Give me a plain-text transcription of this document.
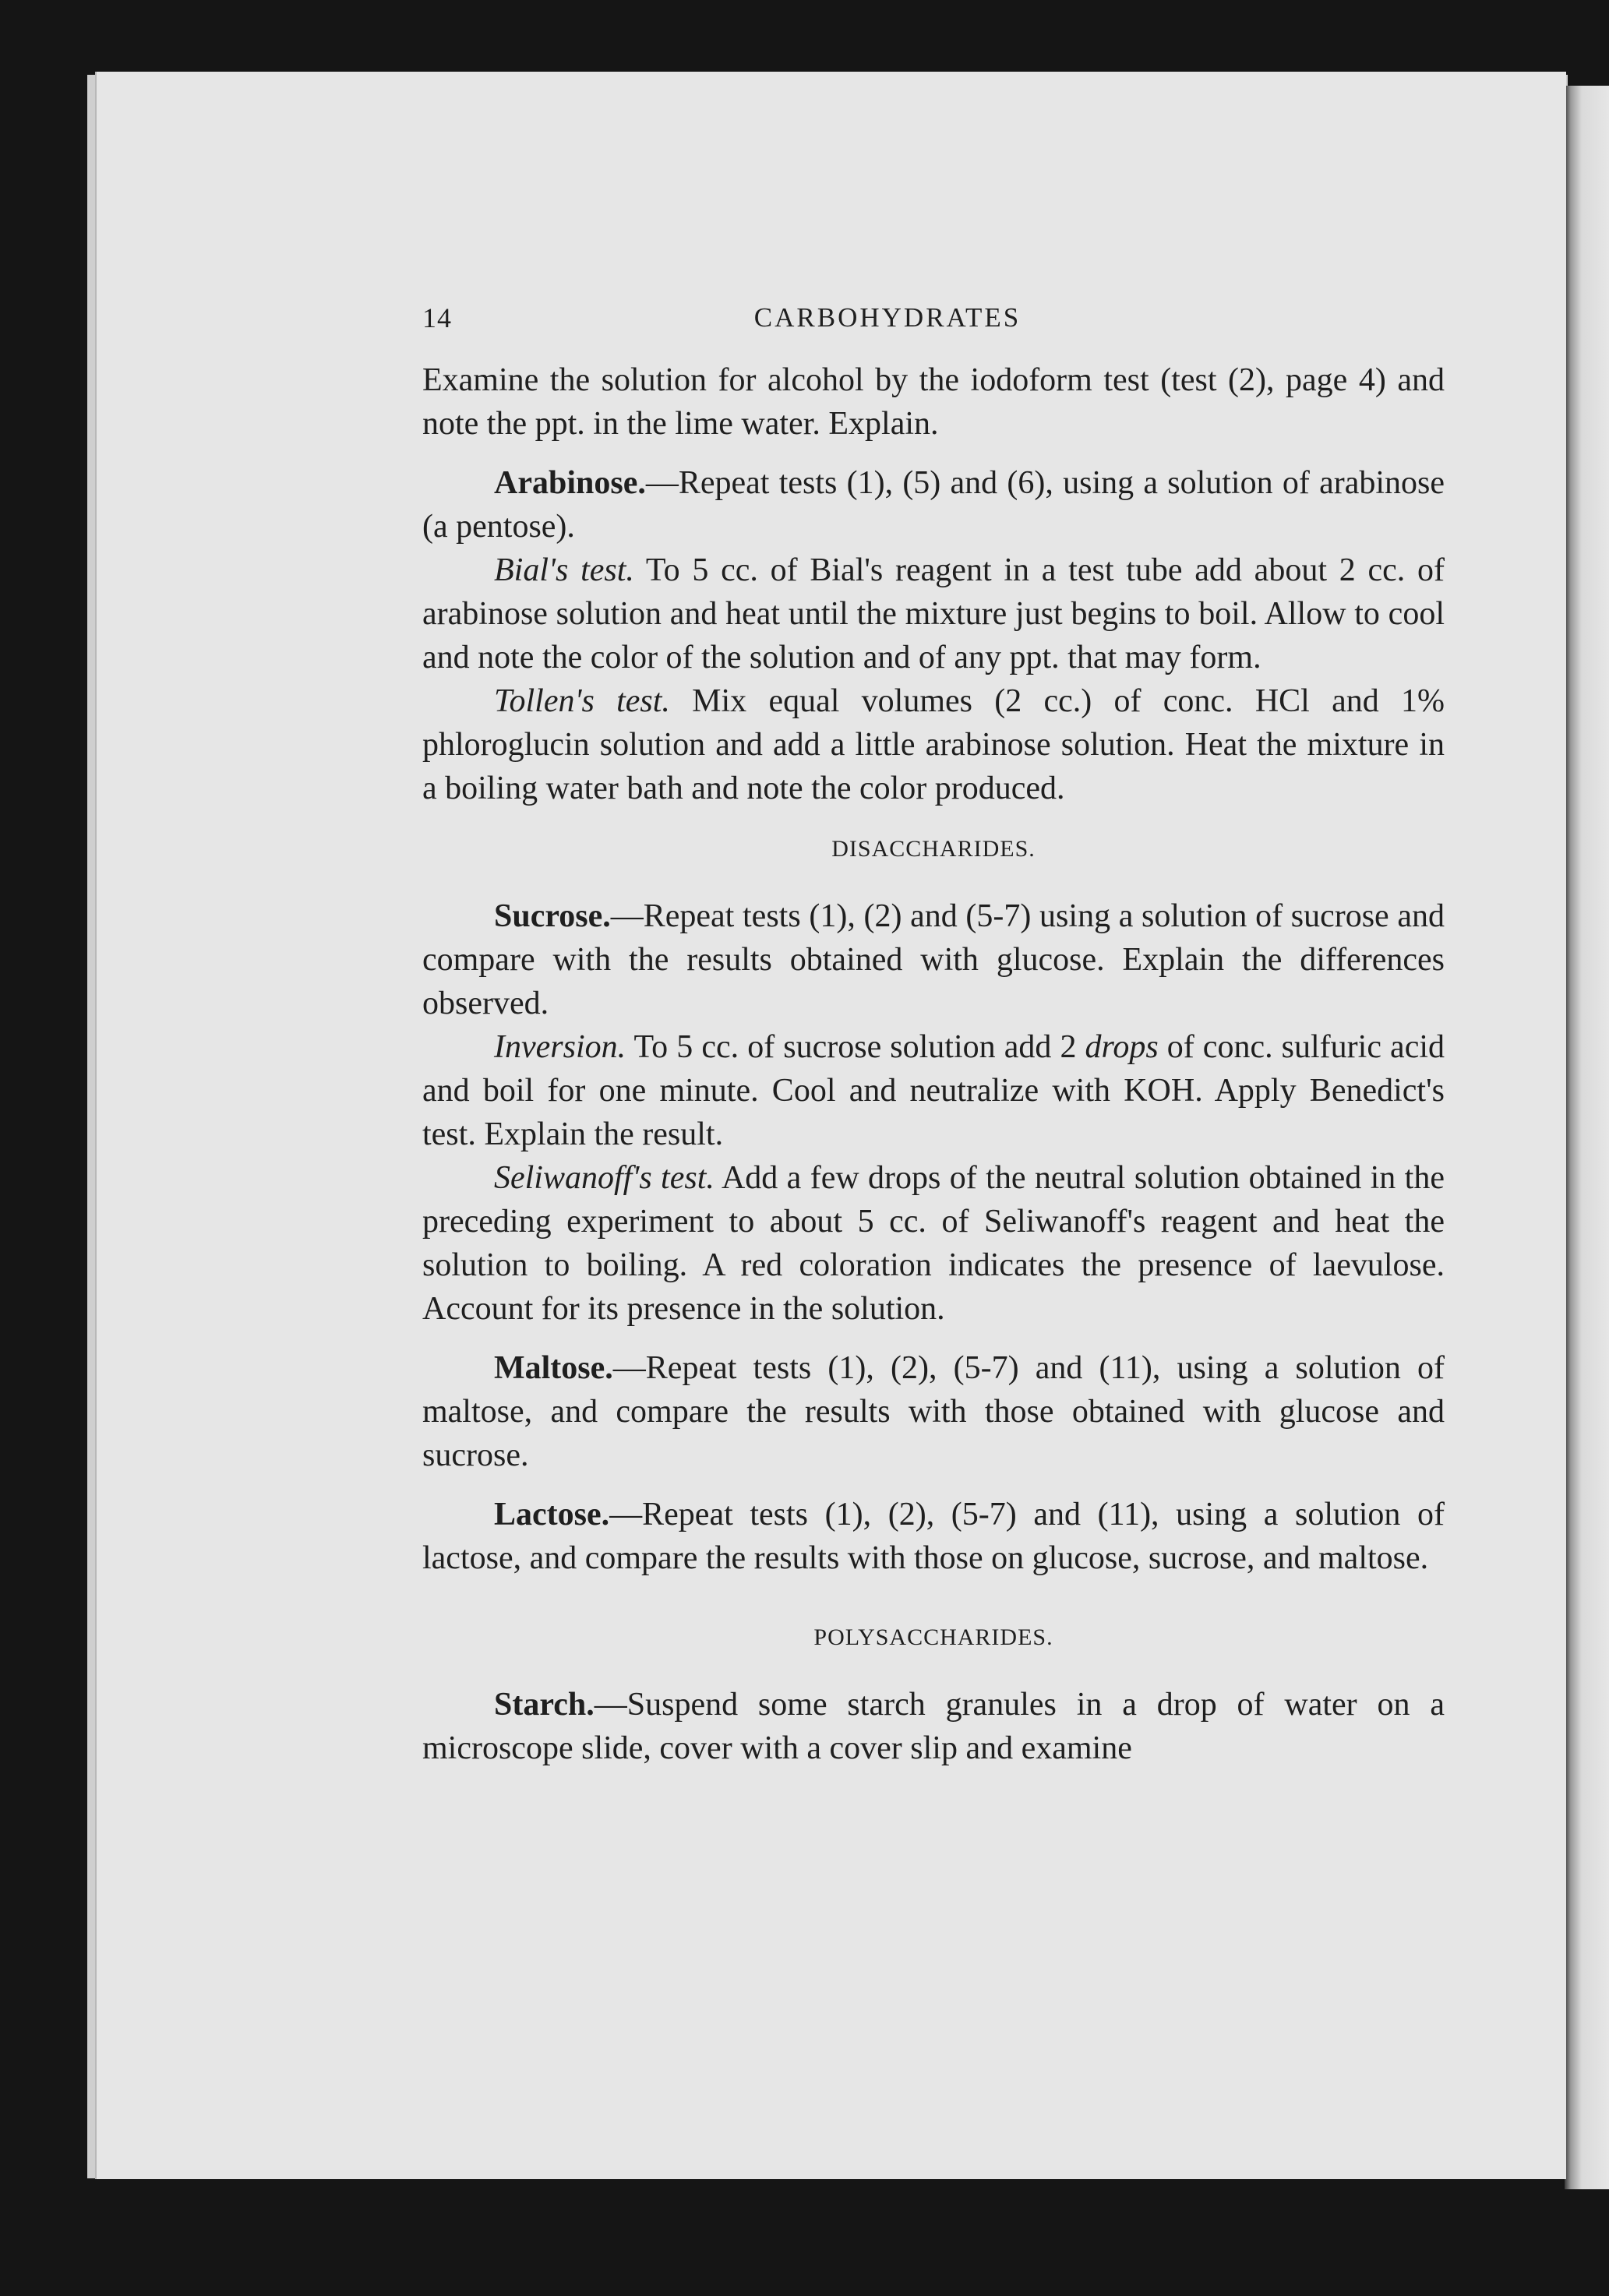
14	CARBOHYDRATES

Examine the solution for alcohol by the iodoform test (test (2), page 4) and note the ppt. in the lime water. Explain.

Arabinose.—Repeat tests (1), (5) and (6), using a solution of arabinose (a pentose).

Bial's test. To 5 cc. of Bial's reagent in a test tube add about 2 cc. of arabinose solution and heat until the mixture just begins to boil. Allow to cool and note the color of the solution and of any ppt. that may form.

Tollen's test. Mix equal volumes (2 cc.) of conc. HCl and 1% phloroglucin solution and add a little arabinose solution. Heat the mixture in a boiling water bath and note the color produced.

DISACCHARIDES.

Sucrose.—Repeat tests (1), (2) and (5-7) using a solution of sucrose and compare with the results obtained with glucose. Explain the differences observed.

Inversion. To 5 cc. of sucrose solution add 2 drops of conc. sulfuric acid and boil for one minute. Cool and neutralize with KOH. Apply Benedict's test. Explain the result.

Seliwanoff's test. Add a few drops of the neutral solution obtained in the preceding experiment to about 5 cc. of Seliwanoff's reagent and heat the solution to boiling. A red coloration indicates the presence of laevulose. Account for its presence in the solution.

Maltose.—Repeat tests (1), (2), (5-7) and (11), using a solution of maltose, and compare the results with those obtained with glucose and sucrose.

Lactose.—Repeat tests (1), (2), (5-7) and (11), using a solution of lactose, and compare the results with those on glucose, sucrose, and maltose.

POLYSACCHARIDES.

Starch.—Suspend some starch granules in a drop of water on a microscope slide, cover with a cover slip and examine
